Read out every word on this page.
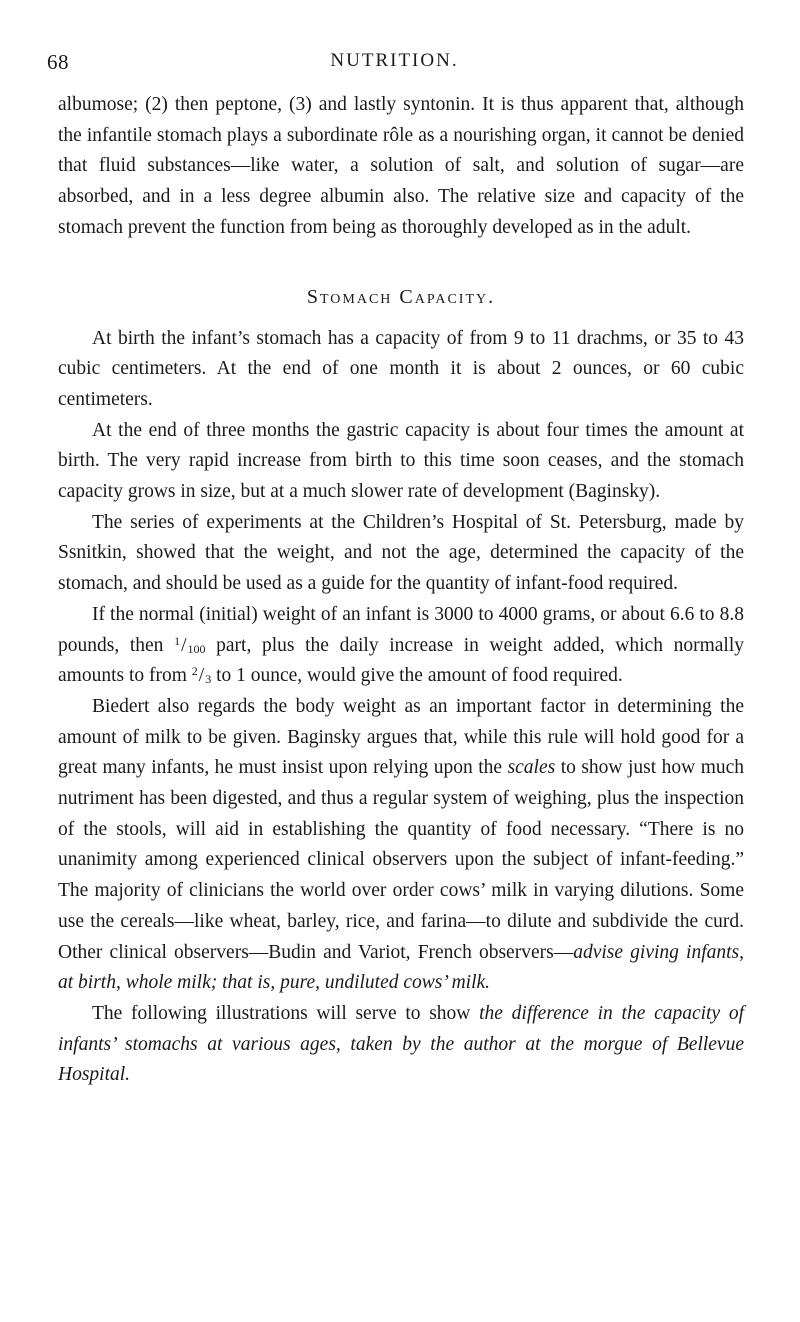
68	NUTRITION.

albumose; (2) then peptone, (3) and lastly syntonin. It is thus apparent that, although the infantile stomach plays a subordinate rôle as a nourishing organ, it cannot be denied that fluid substances—like water, a solution of salt, and solution of sugar—are absorbed, and in a less degree albumin also. The relative size and capacity of the stomach prevent the function from being as thoroughly developed as in the adult.

Stomach Capacity.

At birth the infant’s stomach has a capacity of from 9 to 11 drachms, or 35 to 43 cubic centimeters. At the end of one month it is about 2 ounces, or 60 cubic centimeters.

At the end of three months the gastric capacity is about four times the amount at birth. The very rapid increase from birth to this time soon ceases, and the stomach capacity grows in size, but at a much slower rate of development (Baginsky).

The series of experiments at the Children’s Hospital of St. Petersburg, made by Ssnitkin, showed that the weight, and not the age, determined the capacity of the stomach, and should be used as a guide for the quantity of infant-food required.

If the normal (initial) weight of an infant is 3000 to 4000 grams, or about 6.6 to 8.8 pounds, then $^1/_{100}$ part, plus the daily increase in weight added, which normally amounts to from $^2/_3$ to 1 ounce, would give the amount of food required.

Biedert also regards the body weight as an important factor in determining the amount of milk to be given. Baginsky argues that, while this rule will hold good for a great many infants, he must insist upon relying upon the scales to show just how much nutriment has been digested, and thus a regular system of weighing, plus the inspection of the stools, will aid in establishing the quantity of food necessary. “There is no unanimity among experienced clinical observers upon the subject of infant-feeding.” The majority of clinicians the world over order cows’ milk in varying dilutions. Some use the cereals—like wheat, barley, rice, and farina—to dilute and subdivide the curd. Other clinical observers—Budin and Variot, French observers—advise giving infants, at birth, whole milk; that is, pure, undiluted cows’ milk.

The following illustrations will serve to show the difference in the capacity of infants’ stomachs at various ages, taken by the author at the morgue of Bellevue Hospital.
